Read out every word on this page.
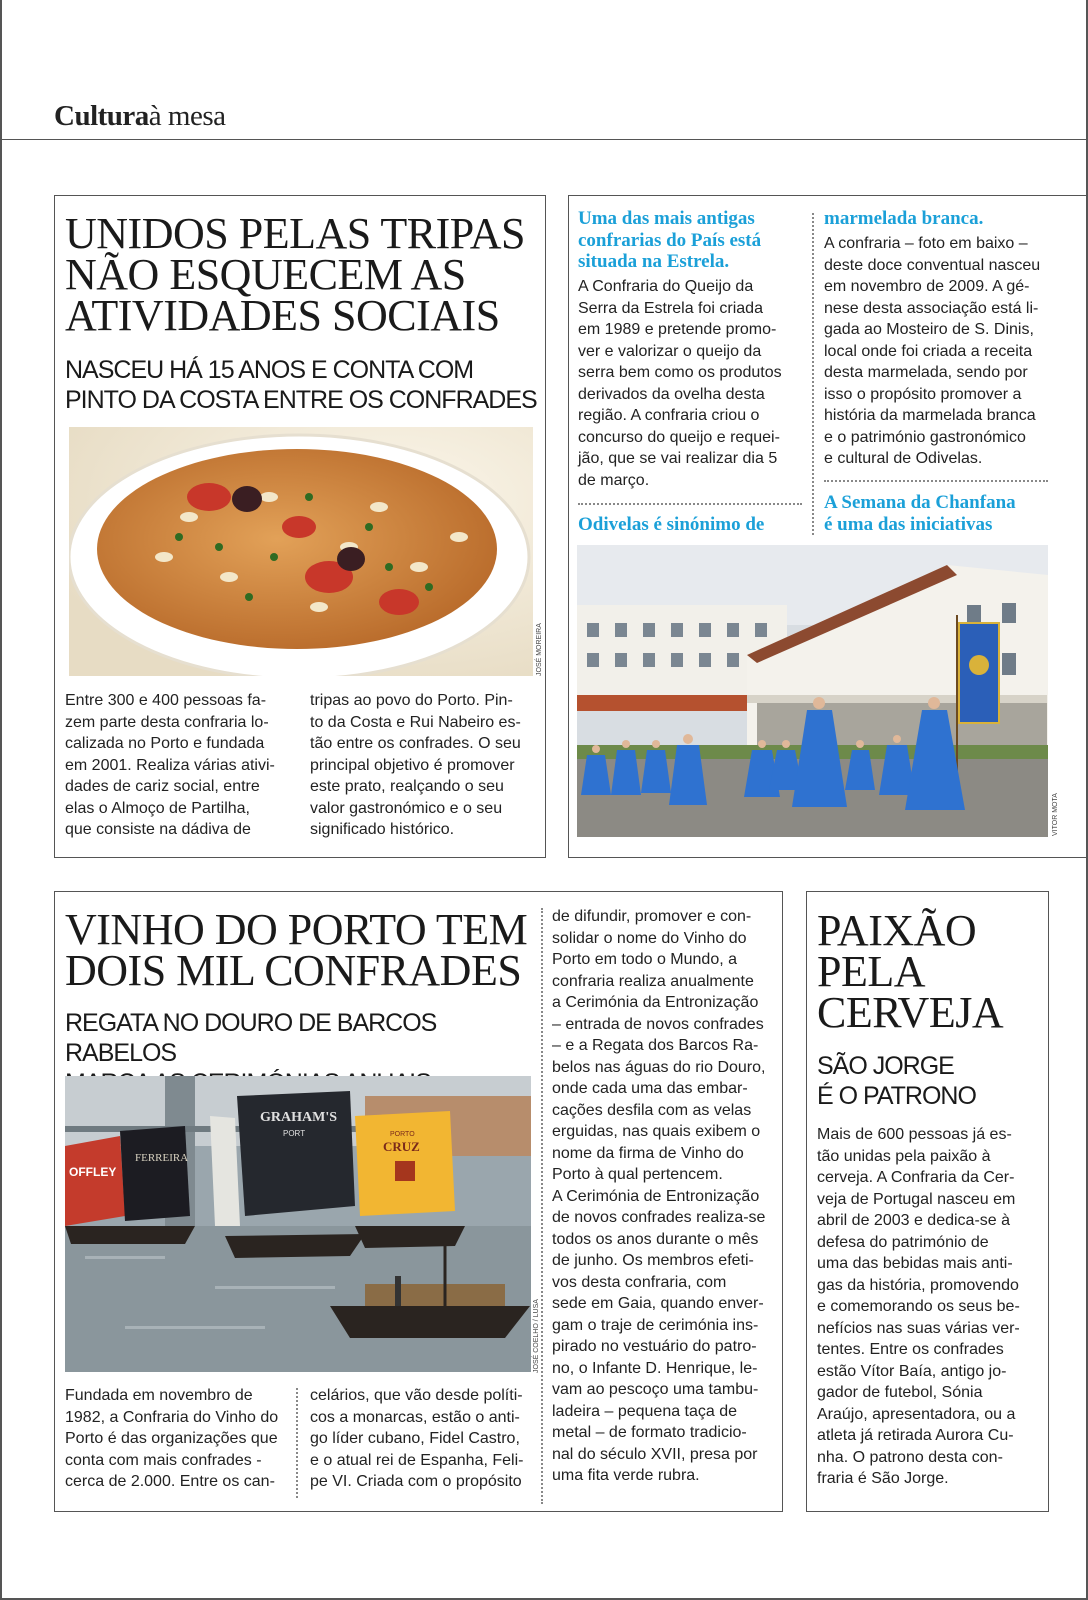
Culturaà mesa
UNIDOS PELAS TRIPAS
NÃO ESQUECEM AS
ATIVIDADES SOCIAIS
NASCEU HÁ 15 ANOS E CONTA COM
PINTO DA COSTA ENTRE OS CONFRADES
JOSÉ MOREIRA
Entre 300 e 400 pessoas fa-
zem parte desta confraria lo-
calizada no Porto e fundada
em 2001. Realiza várias ativi-
dades de cariz social, entre
elas o Almoço de Partilha,
que consiste na dádiva de
tripas ao povo do Porto. Pin-
to da Costa e Rui Nabeiro es-
tão entre os confrades. O seu
principal objetivo é promover
este prato, realçando o seu
valor gastronómico e o seu
significado histórico.
Uma das mais antigas
confrarias do País está
situada na Estrela.
A Confraria do Queijo da
Serra da Estrela foi criada
em 1989 e pretende promo-
ver e valorizar o queijo da
serra bem como os produtos
derivados da ovelha desta
região. A confraria criou o
concurso do queijo e requei-
jão, que se vai realizar dia 5
de março.
Odivelas é sinónimo de
marmelada branca.
A confraria – foto em baixo –
deste doce conventual nasceu
em novembro de 2009. A gé-
nese desta associação está li-
gada ao Mosteiro de S. Dinis,
local onde foi criada a receita
desta marmelada, sendo por
isso o propósito promover a
história da marmelada branca
e o património gastronómico
e cultural de Odivelas.
A Semana da Chanfana
é uma das iniciativas
VITOR MOTA
VINHO DO PORTO TEM
DOIS MIL CONFRADES
REGATA NO DOURO DE BARCOS RABELOS

OFFLEY
FERREIRA
GRAHAM'S
PORT	PORTO
CRUZ
JOSÉ COELHO / LUSA
Fundada em novembro de
1982, a Confraria do Vinho do
Porto é das organizações que
conta com mais confrades -
cerca de 2.000. Entre os can-
celários, que vão desde políti-
cos a monarcas, estão o anti-
go líder cubano, Fidel Castro,
e o atual rei de Espanha, Feli-
pe VI. Criada com o propósito
de difundir, promover e con-
solidar o nome do Vinho do
Porto em todo o Mundo, a
confraria realiza anualmente
a Cerimónia da Entronização
– entrada de novos confrades
– e a Regata dos Barcos Ra-
belos nas águas do rio Douro,
onde cada uma das embar-
cações desfila com as velas
erguidas, nas quais exibem o
nome da firma de Vinho do
Porto à qual pertencem.
A Cerimónia de Entronização
de novos confrades realiza-se
todos os anos durante o mês
de junho. Os membros efeti-
vos desta confraria, com
sede em Gaia, quando enver-
gam o traje de cerimónia ins-
pirado no vestuário do patro-
no, o Infante D. Henrique, le-
vam ao pescoço uma tambu-
ladeira – pequena taça de
metal – de formato tradicio-
nal do século XVII, presa por
uma fita verde rubra.
PAIXÃO
PELA
CERVEJA
SÃO JORGE
É O PATRONO
Mais de 600 pessoas já es-
tão unidas pela paixão à
cerveja. A Confraria da Cer-
veja de Portugal nasceu em
abril de 2003 e dedica-se à
defesa do património de
uma das bebidas mais anti-
gas da história, promovendo
e comemorando os seus be-
nefícios nas suas várias ver-
tentes. Entre os confrades
estão Vítor Baía, antigo jo-
gador de futebol, Sónia
Araújo, apresentadora, ou a
atleta já retirada Aurora Cu-
nha. O patrono desta con-
fraria é São Jorge.
